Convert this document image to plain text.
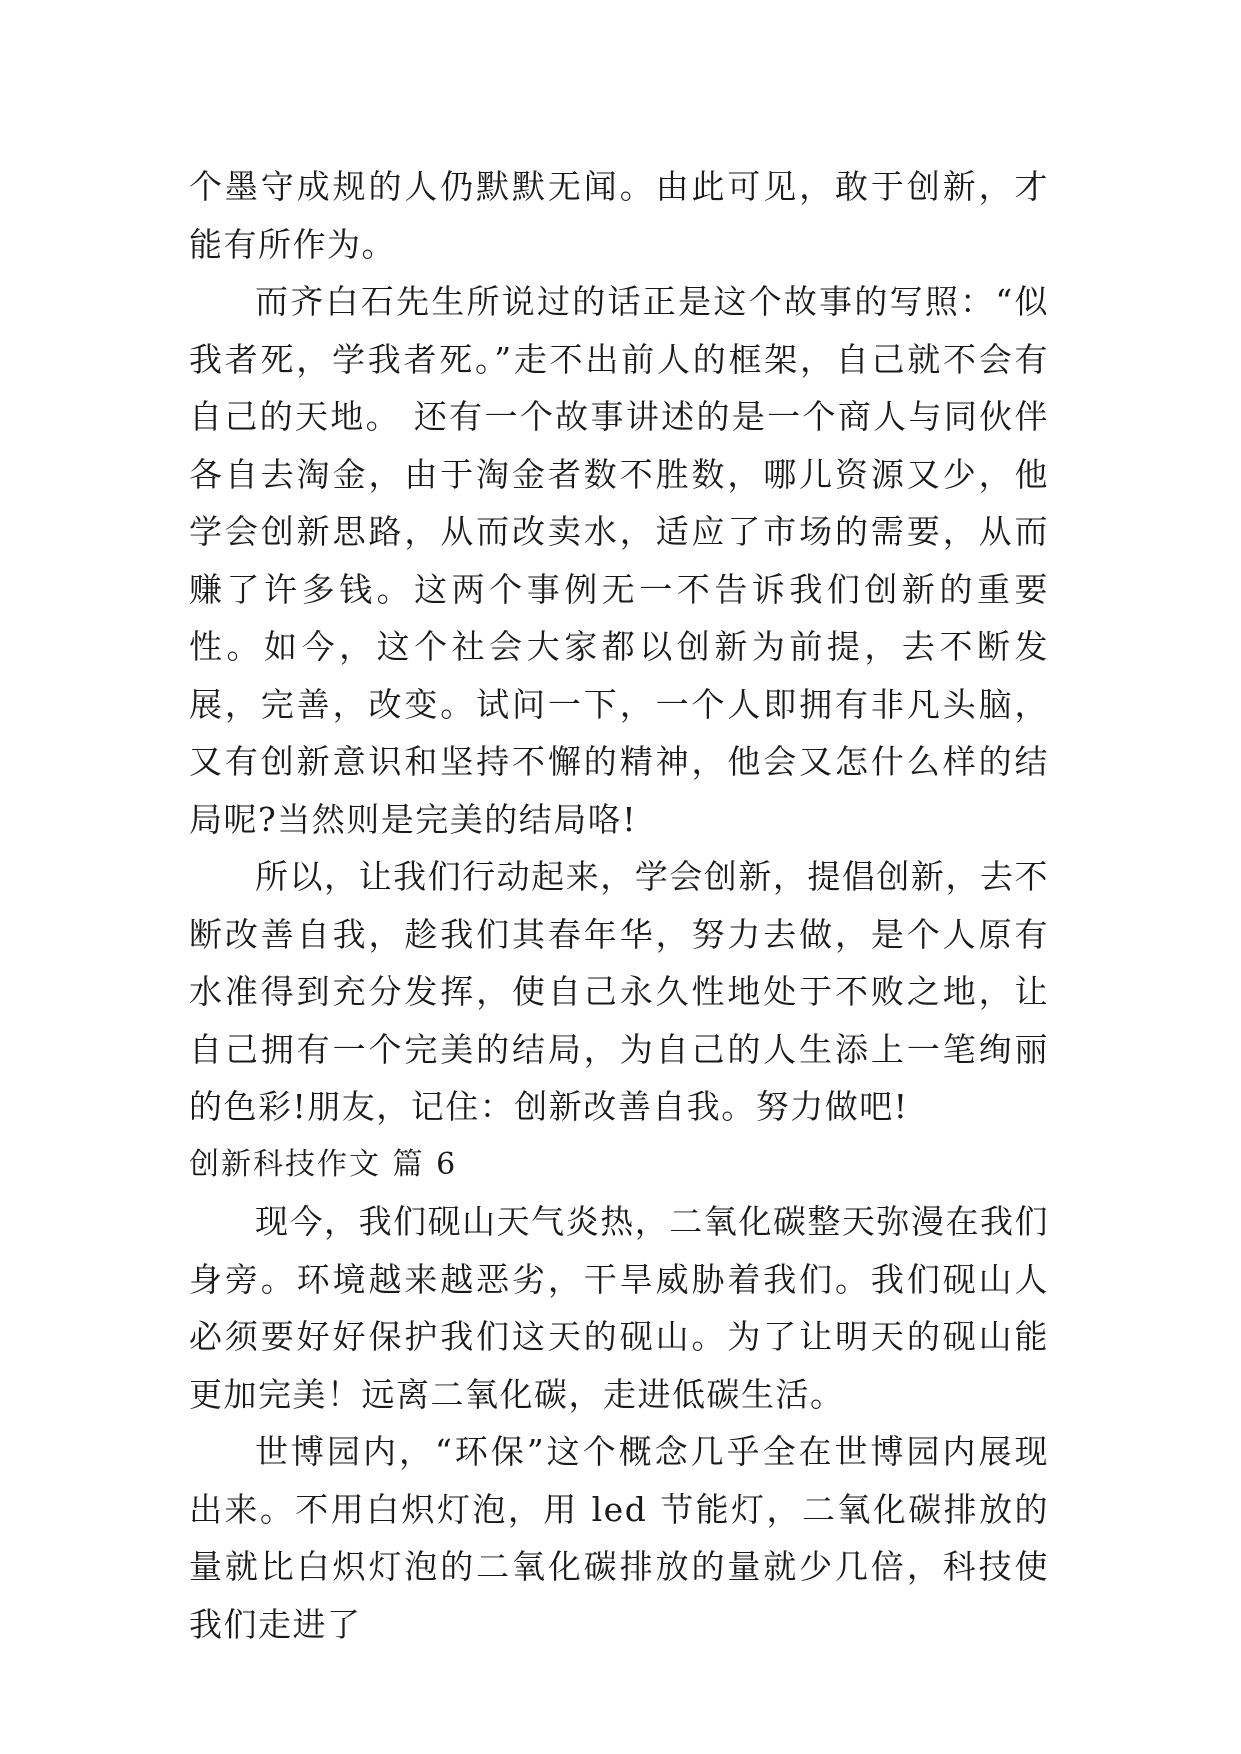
个墨守成规的人仍默默无闻。由此可见，敢于创新，才能有所作为。

而齐白石先生所说过的话正是这个故事的写照：“似我者死，学我者死。”走不出前人的框架，自己就不会有自己的天地。 还有一个故事讲述的是一个商人与同伙伴各自去淘金，由于淘金者数不胜数，哪儿资源又少，他学会创新思路，从而改卖水，适应了市场的需要，从而赚了许多钱。这两个事例无一不告诉我们创新的重要性。如今，这个社会大家都以创新为前提，去不断发展，完善，改变。试问一下，一个人即拥有非凡头脑，又有创新意识和坚持不懈的精神，他会又怎什么样的结局呢?当然则是完美的结局咯!

所以，让我们行动起来，学会创新，提倡创新，去不断改善自我，趁我们其春年华，努力去做，是个人原有水准得到充分发挥，使自己永久性地处于不败之地，让自己拥有一个完美的结局，为自己的人生添上一笔绚丽的色彩!朋友，记住：创新改善自我。努力做吧!

创新科技作文 篇 6

现今，我们砚山天气炎热，二氧化碳整天弥漫在我们身旁。环境越来越恶劣，干旱威胁着我们。我们砚山人必须要好好保护我们这天的砚山。为了让明天的砚山能更加完美！远离二氧化碳，走进低碳生活。

世博园内，“环保”这个概念几乎全在世博园内展现出来。不用白炽灯泡，用 led 节能灯，二氧化碳排放的量就比白炽灯泡的二氧化碳排放的量就少几倍，科技使我们走进了
